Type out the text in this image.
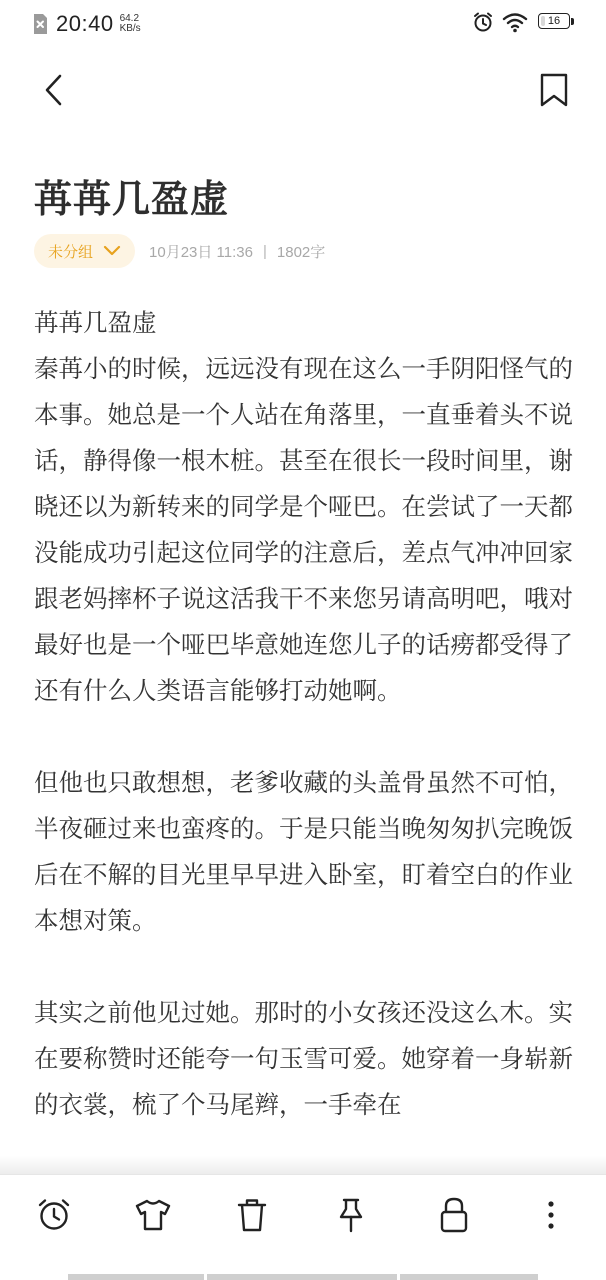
20:40 64.2
KB/s
16
苒苒几盈虚
未分组	10月23日 11:36 | 1802字

苒苒几盈虚

秦苒小的时候，远远没有现在这么一手阴阳怪气的本事。她总是一个人站在角落里，一直垂着头不说话，静得像一根木桩。甚至在很长一段时间里，谢晓还以为新转来的同学是个哑巴。在尝试了一天都没能成功引起这位同学的注意后，差点气冲冲回家跟老妈摔杯子说这活我干不来您另请高明吧，哦对最好也是一个哑巴毕意她连您儿子的话痨都受得了还有什么人类语言能够打动她啊。

但他也只敢想想，老爹收藏的头盖骨虽然不可怕，半夜砸过来也蛮疼的。于是只能当晚匆匆扒完晚饭后在不解的目光里早早进入卧室，盯着空白的作业本想对策。

其实之前他见过她。那时的小女孩还没这么木。实在要称赞时还能夸一句玉雪可爱。她穿着一身崭新的衣裳，梳了个马尾辫，一手牵在
